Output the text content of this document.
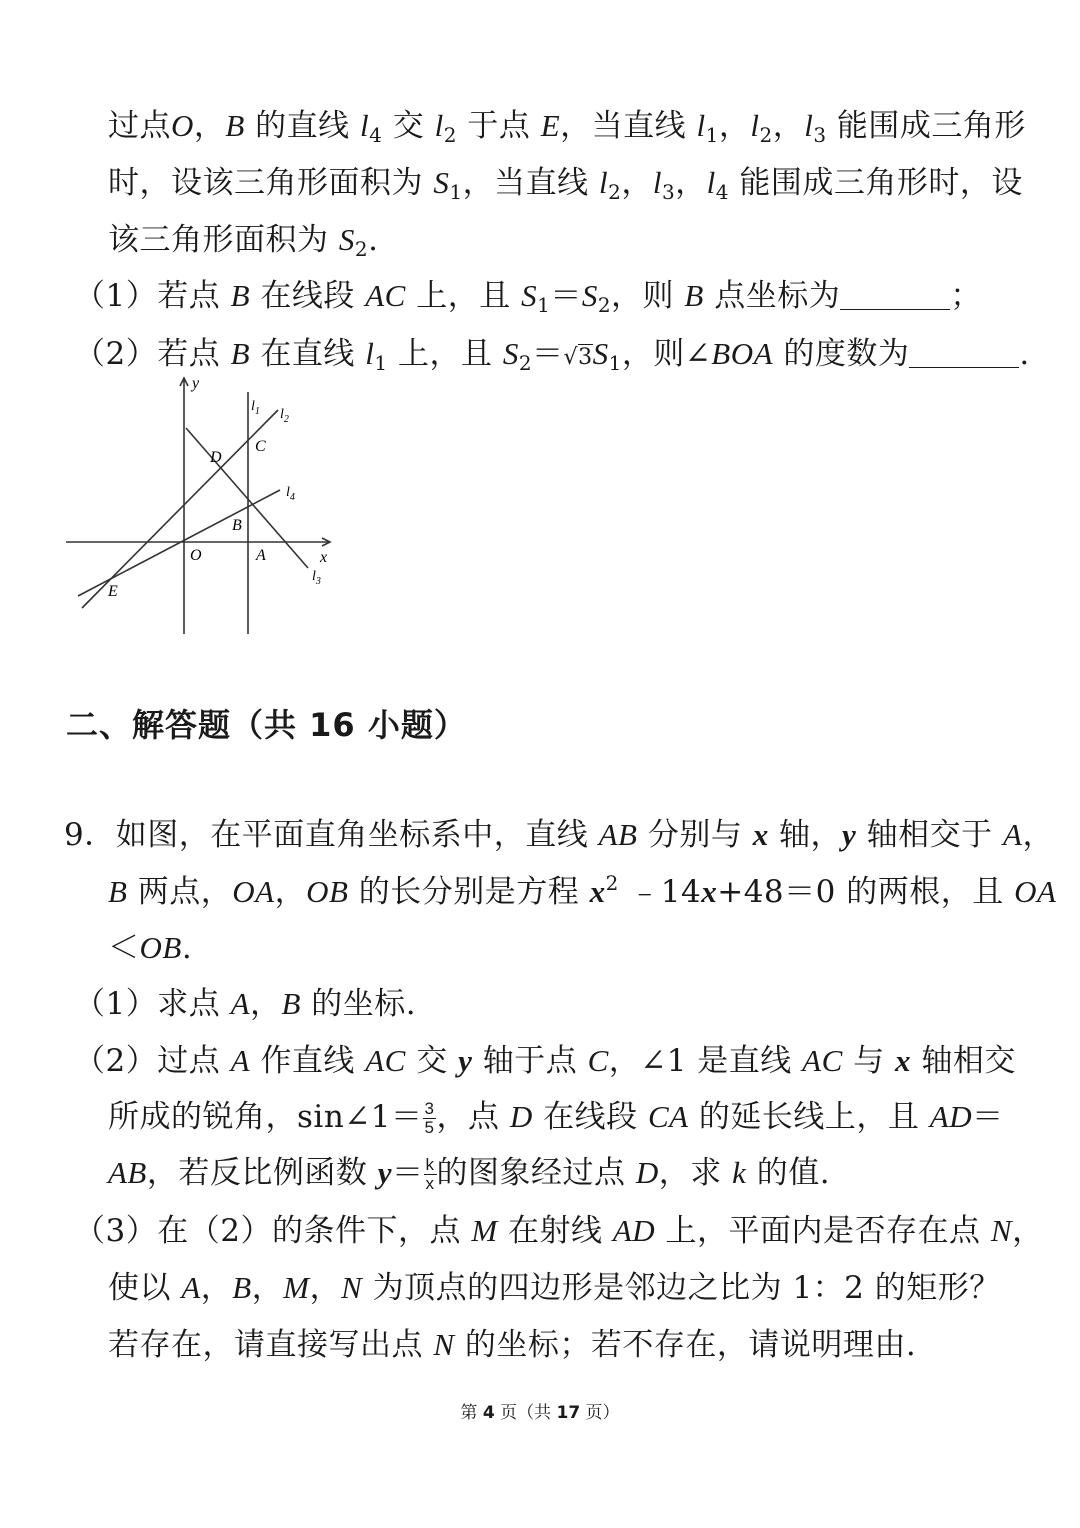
过点O，B 的直线 $l_4$ 交 $l_2$ 于点 E，当直线 $l_1$，$l_2$，$l_3$ 能围成三角形
时，设该三角形面积为 $S_1$，当直线 $l_2$，$l_3$，$l_4$ 能围成三角形时，设
该三角形面积为 $S_2$.
（1）若点 B 在线段 AC 上，且 $S_1=S_2$，则 B 点坐标为	；
（2）若点 B 在直线 $l_1$ 上，且 $S_2=√3S_1$，则∠BOA 的度数为	.
y
x
O	A
B
C
D
E
$l_1$ $l_2$
$l_3$
$l_4$
二、解答题（共 16 小题）
9．如图，在平面直角坐标系中，直线 AB 分别与 x 轴，y 轴相交于 A，
B 两点，OA，OB 的长分别是方程 $x^2$ ﹣14x+48＝0 的两根，且 OA
＜OB.
（1）求点 A，B 的坐标.
（2）过点 A 作直线 AC 交 y 轴于点 C，∠1 是直线 AC 与 x 轴相交
所成的锐角，sin∠1＝ $\frac{3}{5}$ ，点 D 在线段 CA 的延长线上，且 AD＝
AB，若反比例函数 $y= \frac{k}{x}$ 的图象经过点 D，求 k 的值.
（3）在（2）的条件下，点 M 在射线 AD 上，平面内是否存在点 N，
使以 A，B，M，N 为顶点的四边形是邻边之比为 1：2 的矩形？
若存在，请直接写出点 N 的坐标；若不存在，请说明理由.
第 4 页（共 17 页）
